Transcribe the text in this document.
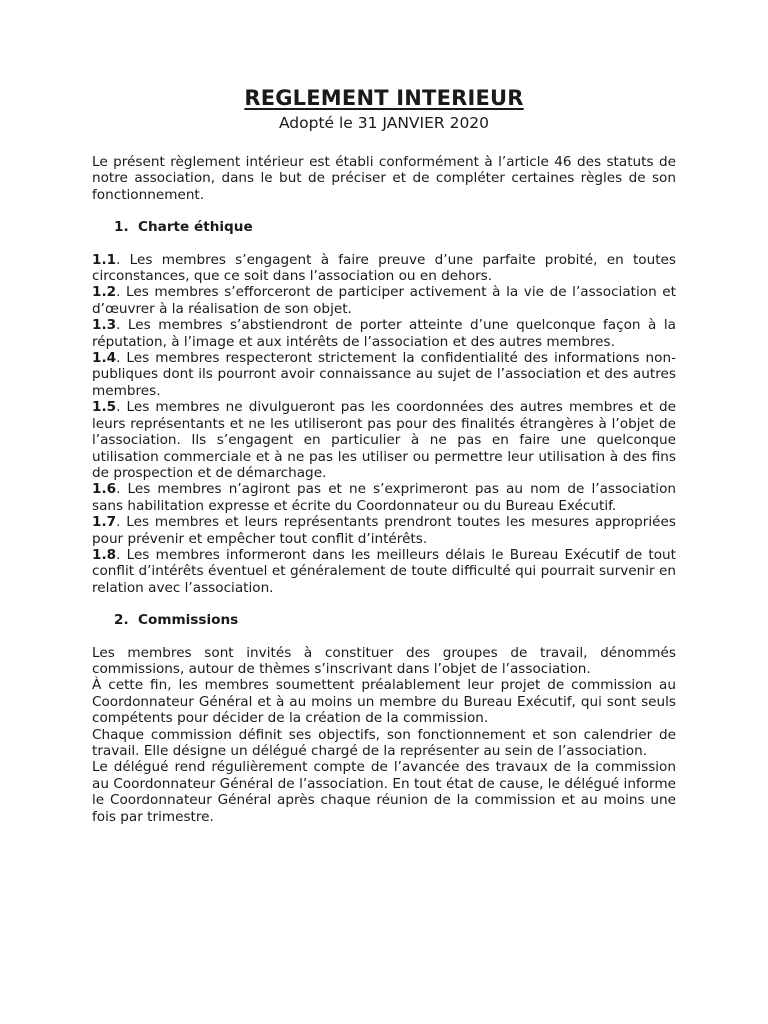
REGLEMENT INTERIEUR
Adopté le 31 JANVIER 2020

Le présent règlement intérieur est établi conformément à l’article 46 des statuts de notre association, dans le but de préciser et de compléter certaines règles de son fonctionnement.

1. Charte éthique

1.1. Les membres s’engagent à faire preuve d’une parfaite probité, en toutes circonstances, que ce soit dans l’association ou en dehors.

1.2. Les membres s’efforceront de participer activement à la vie de l’association et d’œuvrer à la réalisation de son objet.

1.3. Les membres s’abstiendront de porter atteinte d’une quelconque façon à la réputation, à l’image et aux intérêts de l’association et des autres membres.

1.4. Les membres respecteront strictement la confidentialité des informations non-publiques dont ils pourront avoir connaissance au sujet de l’association et des autres membres.

1.5. Les membres ne divulgueront pas les coordonnées des autres membres et de leurs représentants et ne les utiliseront pas pour des finalités étrangères à l’objet de l’association. Ils s’engagent en particulier à ne pas en faire une quelconque utilisation commerciale et à ne pas les utiliser ou permettre leur utilisation à des fins de prospection et de démarchage.

1.6. Les membres n’agiront pas et ne s’exprimeront pas au nom de l’association sans habilitation expresse et écrite du Coordonnateur ou du Bureau Exécutif.

1.7. Les membres et leurs représentants prendront toutes les mesures appropriées pour prévenir et empêcher tout conflit d’intérêts.

1.8. Les membres informeront dans les meilleurs délais le Bureau Exécutif de tout conflit d’intérêts éventuel et généralement de toute difficulté qui pourrait survenir en relation avec l’association.

2. Commissions

Les membres sont invités à constituer des groupes de travail, dénommés commissions, autour de thèmes s’inscrivant dans l’objet de l’association.

À cette fin, les membres soumettent préalablement leur projet de commission au Coordonnateur Général et à au moins un membre du Bureau Exécutif, qui sont seuls compétents pour décider de la création de la commission.

Chaque commission définit ses objectifs, son fonctionnement et son calendrier de travail. Elle désigne un délégué chargé de la représenter au sein de l’association.

Le délégué rend régulièrement compte de l’avancée des travaux de la commission au Coordonnateur Général de l’association. En tout état de cause, le délégué informe le Coordonnateur Général après chaque réunion de la commission et au moins une fois par trimestre.
